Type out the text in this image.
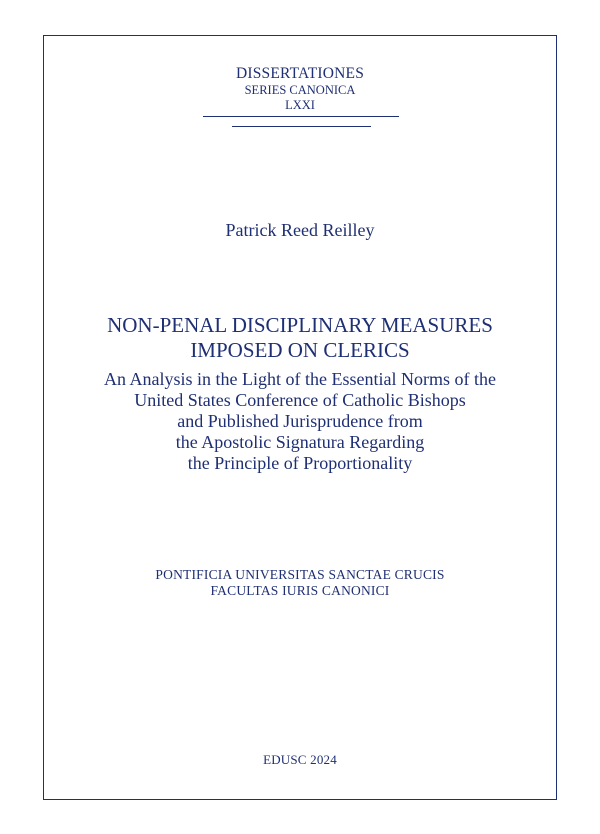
DISSERTATIONES
SERIES CANONICA
LXXI
Patrick Reed Reilley
NON-PENAL DISCIPLINARY MEASURES
IMPOSED ON CLERICS
An Analysis in the Light of the Essential Norms of the
United States Conference of Catholic Bishops
and Published Jurisprudence from
the Apostolic Signatura Regarding
the Principle of Proportionality
PONTIFICIA UNIVERSITAS SANCTAE CRUCIS
FACULTAS IURIS CANONICI
EDUSC 2024
